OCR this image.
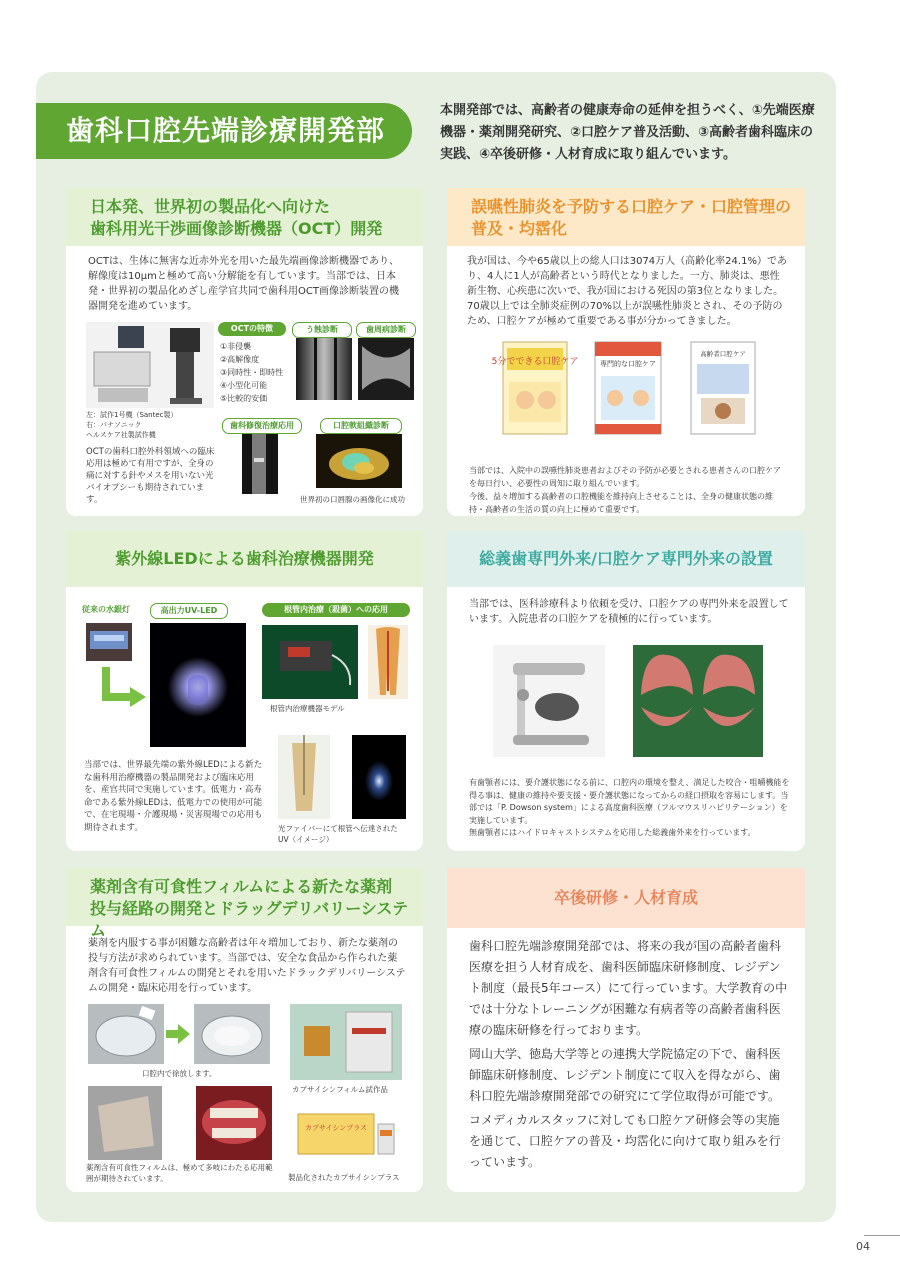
歯科口腔先端診療開発部
本開発部では、高齢者の健康寿命の延伸を担うべく、①先端医療機器・薬剤開発研究、②口腔ケア普及活動、③高齢者歯科臨床の実践、④卒後研修・人材育成に取り組んでいます。
日本発、世界初の製品化へ向けた
歯科用光干渉画像診断機器（OCT）開発
OCTは、生体に無害な近赤外光を用いた最先端画像診断機器であり、解像度は10μmと極めて高い分解能を有しています。当部では、日本発・世界初の製品化めざし産学官共同で歯科用OCT画像診断装置の機器開発を進めています。
左：試作1号機（Santec製）
右：パナソニック
ヘルスケア社製試作機
OCTの特徴	う蝕診断	歯周病診断
①非侵襲
②高解像度
③同時性・即時性
④小型化可能
⑤比較的安価
歯科修復治療応用	口腔軟組織診断
OCTの歯科口腔外科領域への臨床応用は極めて有用ですが、全身の痛に対する針やメスを用いない光バイオプシーも期待されています。	世界初の口唇腺の画像化に成功
誤嚥性肺炎を予防する口腔ケア・口腔管理の
普及・均霑化
我が国は、今や65歳以上の総人口は3074万人（高齢化率24.1%）であり、4人に1人が高齢者という時代となりました。一方、肺炎は、悪性新生物、心疾患に次いで、我が国における死因の第3位となりました。70歳以上では全肺炎症例の70%以上が誤嚥性肺炎とされ、その予防のため、口腔ケアが極めて重要である事が分かってきました。
5分でできる口腔ケア	専門的な口腔ケア
高齢者口腔ケア
当部では、入院中の誤嚥性肺炎患者およびその予防が必要とされる患者さんの口腔ケアを毎日行い、必要性の周知に取り組んでいます。
今後、益々増加する高齢者の口腔機能を維持向上させることは、全身の健康状態の維持・高齢者の生活の質の向上に極めて重要です。
紫外線LEDによる歯科治療機器開発
従来の水銀灯	高出力UV-LED	根管内治療（殺菌）への応用
根管内治療機器モデル
当部では、世界最先端の紫外線LEDによる新たな歯科用治療機器の製品開発および臨床応用を、産官共同で実施しています。低電力・高寿命である紫外線LEDは、低電力での使用が可能で、在宅現場・介護現場・災害現場での応用も期待されます。	光ファイバーにて根管へ伝達された
UV（イメージ）
総義歯専門外来/口腔ケア専門外来の設置
当部では、医科診療科より依頼を受け、口腔ケアの専門外来を設置しています。入院患者の口腔ケアを積極的に行っています。
有歯顎者には、要介護状態になる前に、口腔内の環境を整え、満足した咬合・咀嚼機能を得る事は、健康の維持や要支援・要介護状態になってからの経口摂取を容易にします。当部では「P. Dowson system」による高度歯科医療（フルマウスリハビリテーション）を実施しています。
無歯顎者にはハイドロキャストシステムを応用した総義歯外来を行っています。
薬剤含有可食性フィルムによる新たな薬剤
投与経路の開発とドラッグデリバリーシステム
薬剤を内服する事が困難な高齢者は年々増加しており、新たな薬剤の投与方法が求められています。当部では、安全な食品から作られた薬剤含有可食性フィルムの開発とそれを用いたドラックデリバリーシステムの開発・臨床応用を行っています。
口腔内で徐放します。
カプサイシンフィルム試作品
カプサイシンプラス
薬剤含有可食性フィルムは、極めて多岐にわたる応用範囲が期待されています。	製品化されたカプサイシンプラス
卒後研修・人材育成
歯科口腔先端診療開発部では、将来の我が国の高齢者歯科医療を担う人材育成を、歯科医師臨床研修制度、レジデント制度（最長5年コース）にて行っています。大学教育の中では十分なトレーニングが困難な有病者等の高齢者歯科医療の臨床研修を行っております。
岡山大学、徳島大学等との連携大学院協定の下で、歯科医師臨床研修制度、レジデント制度にて収入を得ながら、歯科口腔先端診療開発部での研究にて学位取得が可能です。
コメディカルスタッフに対しても口腔ケア研修会等の実施を通じて、口腔ケアの普及・均霑化に向けて取り組みを行っています。
04
